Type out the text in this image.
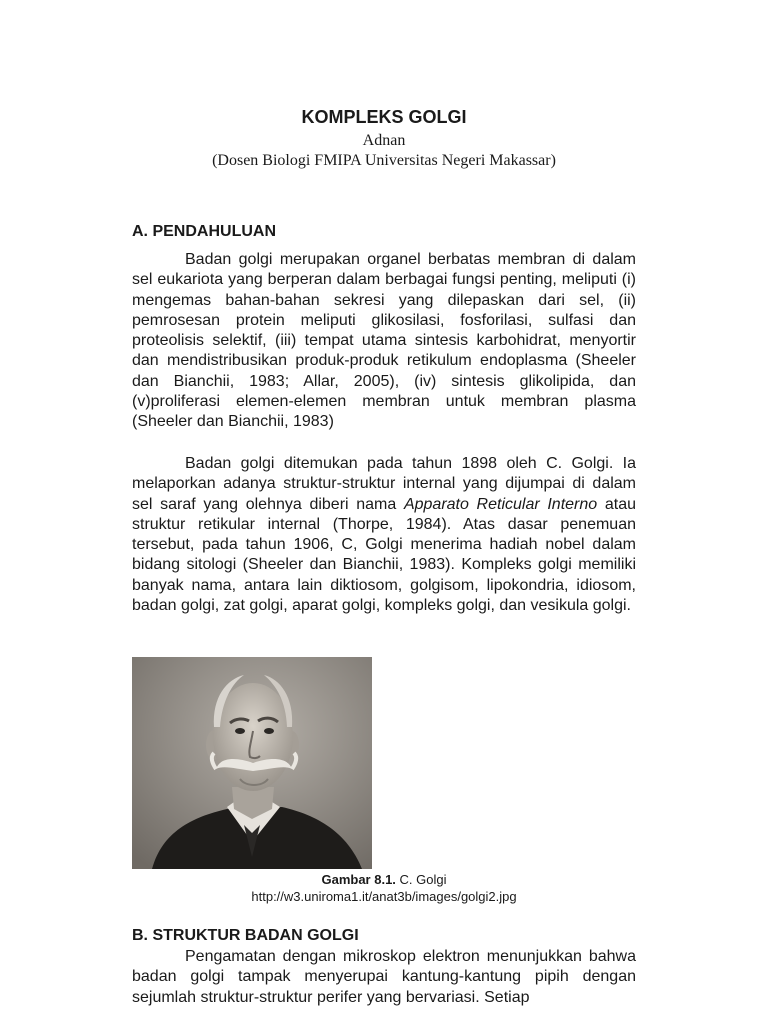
KOMPLEKS GOLGI
Adnan
(Dosen Biologi FMIPA Universitas Negeri Makassar)
A. PENDAHULUAN

Badan golgi merupakan organel berbatas membran di dalam sel eukariota yang berperan dalam berbagai fungsi penting, meliputi (i) mengemas bahan-bahan sekresi yang dilepaskan dari sel, (ii) pemrosesan protein meliputi glikosilasi, fosforilasi, sulfasi dan proteolisis selektif, (iii) tempat utama sintesis karbohidrat, menyortir dan mendistribusikan produk-produk retikulum endoplasma (Sheeler dan Bianchii, 1983; Allar, 2005), (iv) sintesis glikolipida, dan (v)proliferasi elemen-elemen membran untuk membran plasma (Sheeler dan Bianchii, 1983)

Badan golgi ditemukan pada tahun 1898 oleh C. Golgi. Ia melaporkan adanya struktur-struktur internal yang dijumpai di dalam sel saraf yang olehnya diberi nama Apparato Reticular Interno atau struktur retikular internal (Thorpe, 1984). Atas dasar penemuan tersebut, pada tahun 1906, C, Golgi menerima hadiah nobel dalam bidang sitologi (Sheeler dan Bianchii, 1983). Kompleks golgi memiliki banyak nama, antara lain diktiosom, golgisom, lipokondria, idiosom, badan golgi, zat golgi, aparat golgi, kompleks golgi, dan vesikula golgi.

Gambar 8.1. C. Golgi
http://w3.uniroma1.it/anat3b/images/golgi2.jpg
B. STRUKTUR BADAN GOLGI

Pengamatan dengan mikroskop elektron menunjukkan bahwa badan golgi tampak menyerupai kantung-kantung pipih dengan sejumlah struktur-struktur perifer yang bervariasi. Setiap
